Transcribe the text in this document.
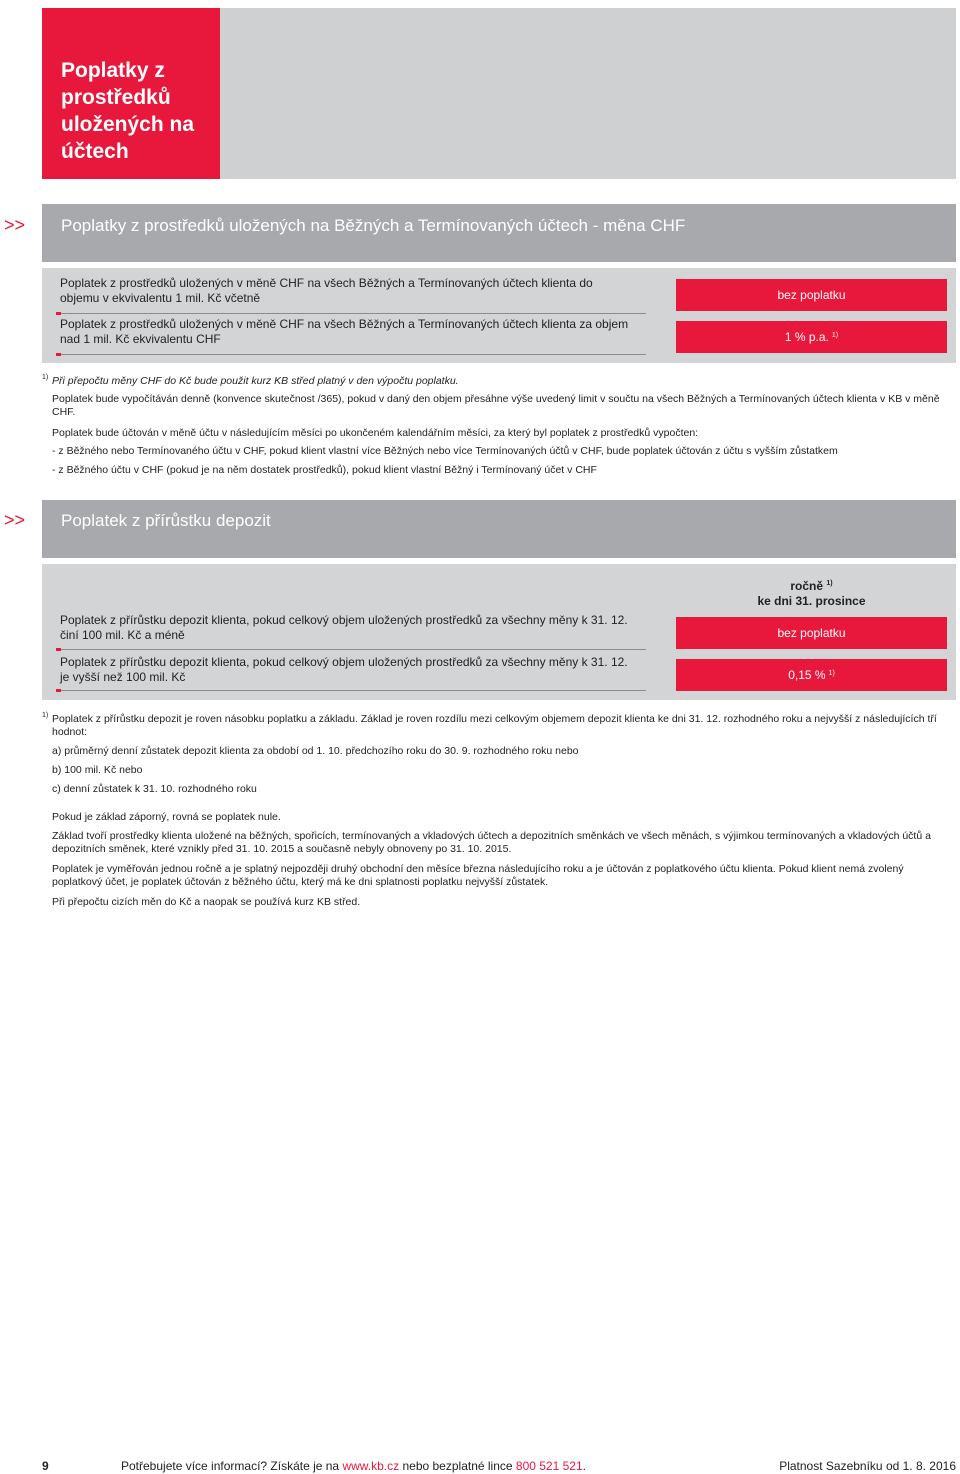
Poplatky z prostředků uložených na účtech
>> Poplatky z prostředků uložených na Běžných a Termínovaných účtech - měna CHF
Poplatek z prostředků uložených v měně CHF na všech Běžných a Termínovaných účtech klienta do objemu v ekvivalentu 1 mil. Kč včetně	bez poplatku
Poplatek z prostředků uložených v měně CHF na všech Běžných a Termínovaných účtech klienta za objem nad 1 mil. Kč ekvivalentu CHF	1 % p.a. $^{1)}$
1) Při přepočtu měny CHF do Kč bude použit kurz KB střed platný v den výpočtu poplatku.
Poplatek bude vypočítáván denně (konvence skutečnost /365), pokud v daný den objem přesáhne výše uvedený limit v součtu na všech Běžných a Termínovaných účtech klienta v KB v měně CHF.
Poplatek bude účtován v měně účtu v následujícím měsíci po ukončeném kalendářním měsíci, za který byl poplatek z prostředků vypočten:
- z Běžného nebo Termínovaného účtu v CHF, pokud klient vlastní více Běžných nebo více Termínovaných účtů v CHF, bude poplatek účtován z účtu s vyšším zůstatkem
- z Běžného účtu v CHF (pokud je na něm dostatek prostředků), pokud klient vlastní Běžný i Termínovaný účet v CHF
>> Poplatek z přírůstku depozit
ročně $^{1)}$
ke dni 31. prosince
Poplatek z přírůstku depozit klienta, pokud celkový objem uložených prostředků za všechny měny k 31. 12. činí 100 mil. Kč a méně	bez poplatku
Poplatek z přírůstku depozit klienta, pokud celkový objem uložených prostředků za všechny měny k 31. 12. je vyšší než 100 mil. Kč	0,15 % $^{1)}$
1) Poplatek z přírůstku depozit je roven násobku poplatku a základu. Základ je roven rozdílu mezi celkovým objemem depozit klienta ke dni 31. 12. rozhodného roku a nejvyšší z následujících tří hodnot:
a) průměrný denní zůstatek depozit klienta za období od 1. 10. předchozího roku do 30. 9. rozhodného roku nebo
b) 100 mil. Kč nebo
c) denní zůstatek k 31. 10. rozhodného roku
Pokud je základ záporný, rovná se poplatek nule.
Základ tvoří prostředky klienta uložené na běžných, spořicích, termínovaných a vkladových účtech a depozitních směnkách ve všech měnách, s výjimkou termínovaných a vkladových účtů a depozitních směnek, které vznikly před 31. 10. 2015 a současně nebyly obnoveny po 31. 10. 2015.
Poplatek je vyměřován jednou ročně a je splatný nejpozději druhý obchodní den měsíce března následujícího roku a je účtován z poplatkového účtu klienta. Pokud klient nemá zvolený poplatkový účet, je poplatek účtován z běžného účtu, který má ke dni splatnosti poplatku nejvyšší zůstatek.
Při přepočtu cizích měn do Kč a naopak se používá kurz KB střed.
9	Potřebujete více informací? Získáte je na www.kb.cz nebo bezplatné lince 800 521 521.	Platnost Sazebníku od 1. 8. 2016
